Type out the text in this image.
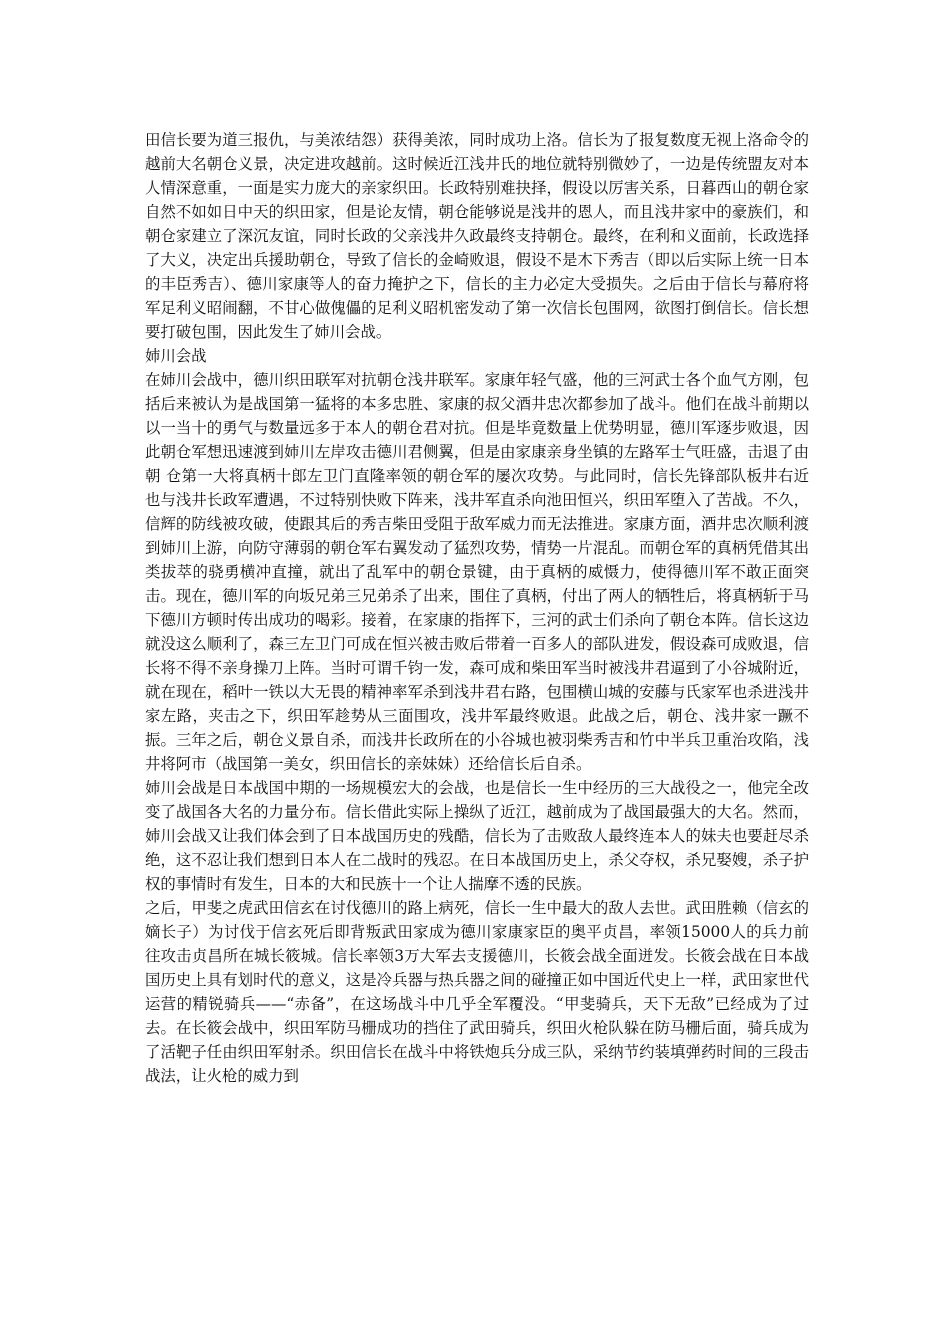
田信长要为道三报仇，与美浓结怨）获得美浓，同时成功上洛。信长为了报复数度无视上洛命令的越前大名朝仓义景，决定进攻越前。这时候近江浅井氏的地位就特别微妙了，一边是传统盟友对本人情深意重，一面是实力庞大的亲家织田。长政特别难抉择，假设以厉害关系，日暮西山的朝仓家自然不如如日中天的织田家，但是论友情，朝仓能够说是浅井的恩人，而且浅井家中的豪族们，和朝仓家建立了深沉友谊，同时长政的父亲浅井久政最终支持朝仓。最终，在利和义面前，长政选择了大义，决定出兵援助朝仓，导致了信长的金崎败退，假设不是木下秀吉（即以后实际上统一日本的丰臣秀吉）、德川家康等人的奋力掩护之下，信长的主力必定大受损失。之后由于信长与幕府将军足利义昭闹翻，不甘心做傀儡的足利义昭机密发动了第一次信长包围网，欲图打倒信长。信长想要打破包围，因此发生了姉川会战。

姉川会战

在姉川会战中，德川织田联军对抗朝仓浅井联军。家康年轻气盛，他的三河武士各个血气方刚，包括后来被认为是战国第一猛将的本多忠胜、家康的叔父酒井忠次都参加了战斗。他们在战斗前期以以一当十的勇气与数量远多于本人的朝仓君对抗。但是毕竟数量上优势明显，德川军逐步败退，因此朝仓军想迅速渡到姉川左岸攻击德川君侧翼，但是由家康亲身坐镇的左路军士气旺盛，击退了由朝 仓第一大将真柄十郎左卫门直隆率领的朝仓军的屡次攻势。与此同时，信长先锋部队板井右近也与浅井长政军遭遇，不过特别快败下阵来，浅井军直杀向池田恒兴，织田军堕入了苦战。不久，信辉的防线被攻破，使跟其后的秀吉柴田受阻于敌军威力而无法推进。家康方面，酒井忠次顺利渡到姉川上游，向防守薄弱的朝仓军右翼发动了猛烈攻势，情势一片混乱。而朝仓军的真柄凭借其出类拔萃的骁勇横冲直撞，就出了乱军中的朝仓景键，由于真柄的威慑力，使得德川军不敢正面突击。现在，德川军的向坂兄弟三兄弟杀了出来，围住了真柄，付出了两人的牺牲后，将真柄斩于马下德川方顿时传出成功的喝彩。接着，在家康的指挥下，三河的武士们杀向了朝仓本阵。信长这边就没这么顺利了，森三左卫门可成在恒兴被击败后带着一百多人的部队进发，假设森可成败退，信长将不得不亲身操刀上阵。当时可谓千钧一发，森可成和柴田军当时被浅井君逼到了小谷城附近，就在现在，稻叶一铁以大无畏的精神率军杀到浅井君右路，包围横山城的安藤与氏家军也杀进浅井家左路，夹击之下，织田军趁势从三面围攻，浅井军最终败退。此战之后，朝仓、浅井家一蹶不振。三年之后，朝仓义景自杀，而浅井长政所在的小谷城也被羽柴秀吉和竹中半兵卫重治攻陷，浅井将阿市（战国第一美女，织田信长的亲妹妹）还给信长后自杀。

姉川会战是日本战国中期的一场规模宏大的会战，也是信长一生中经历的三大战役之一，他完全改变了战国各大名的力量分布。信长借此实际上操纵了近江，越前成为了战国最强大的大名。然而，姉川会战又让我们体会到了日本战国历史的残酷，信长为了击败敌人最终连本人的妹夫也要赶尽杀绝，这不忍让我们想到日本人在二战时的残忍。在日本战国历史上，杀父夺权，杀兄娶嫂，杀子护权的事情时有发生，日本的大和民族十一个让人揣摩不透的民族。

之后，甲斐之虎武田信玄在讨伐德川的路上病死，信长一生中最大的敌人去世。武田胜赖（信玄的嫡长子）为讨伐于信玄死后即背叛武田家成为德川家康家臣的奥平贞昌，率领15000人的兵力前往攻击贞昌所在城长筱城。信长率领3万大军去支援德川，长筱会战全面迸发。长筱会战在日本战国历史上具有划时代的意义，这是冷兵器与热兵器之间的碰撞正如中国近代史上一样，武田家世代运营的精锐骑兵——“赤备”，在这场战斗中几乎全军覆没。“甲斐骑兵，天下无敌”已经成为了过去。在长筱会战中，织田军防马栅成功的挡住了武田骑兵，织田火枪队躲在防马栅后面，骑兵成为了活靶子任由织田军射杀。织田信长在战斗中将铁炮兵分成三队，采纳节约装填弹药时间的三段击战法，让火枪的威力到
